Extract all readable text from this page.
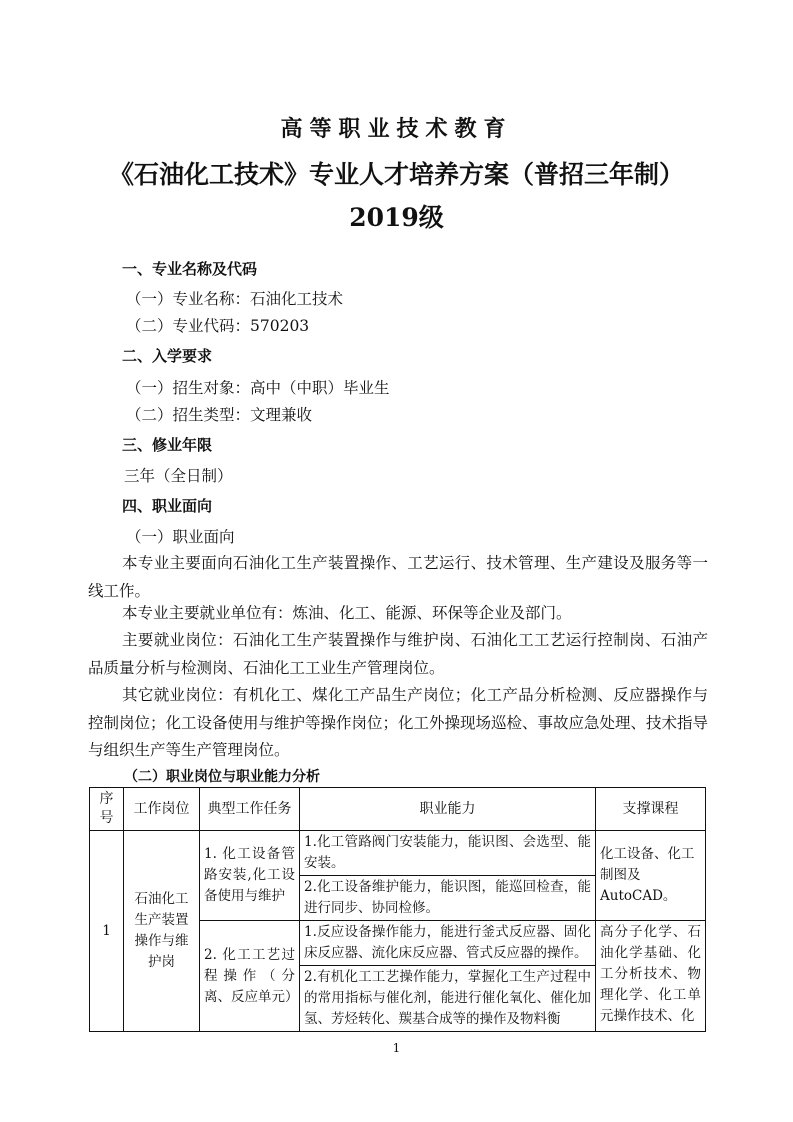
高等职业技术教育
《石油化工技术》专业人才培养方案（普招三年制）
2019级
一、专业名称及代码
（一）专业名称：石油化工技术
（二）专业代码：570203
二、入学要求
（一）招生对象：高中（中职）毕业生
（二）招生类型：文理兼收
三、修业年限
三年（全日制）
四、职业面向
（一）职业面向
本专业主要面向石油化工生产装置操作、工艺运行、技术管理、生产建设及服务等一线工作。
本专业主要就业单位有：炼油、化工、能源、环保等企业及部门。
主要就业岗位：石油化工生产装置操作与维护岗、石油化工工艺运行控制岗、石油产品质量分析与检测岗、石油化工工业生产管理岗位。
其它就业岗位：有机化工、煤化工产品生产岗位；化工产品分析检测、反应器操作与控制岗位；化工设备使用与维护等操作岗位；化工外操现场巡检、事故应急处理、技术指导与组织生产等生产管理岗位。
（二）职业岗位与职业能力分析
序号	工作岗位	典型工作任务	职业能力	支撑课程
1	石油化工生产装置操作与维护岗	1. 化工设备管路安装,化工设备使用与维护	1.化工管路阀门安装能力，能识图、会选型、能安装。	化工设备、化工制图及AutoCAD。
			2.化工设备维护能力，能识图，能巡回检查，能进行同步、协同检修。	
		2. 化工工艺过程操作（分离、反应单元）	1.反应设备操作能力，能进行釜式反应器、固化床反应器、流化床反应器、管式反应器的操作。	高分子化学、石油化学基础、化工分析技术、物理化学、化工单元操作技术、化
			2.有机化工工艺操作能力，掌握化工生产过程中的常用指标与催化剂，能进行催化氧化、催化加氢、芳烃转化、羰基合成等的操作及物料衡	
1
